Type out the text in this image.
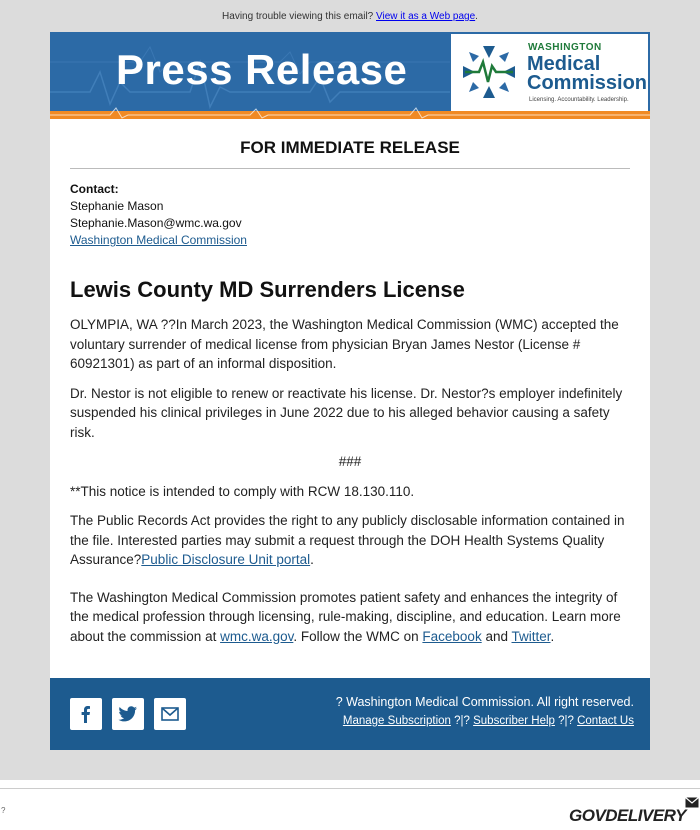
Having trouble viewing this email? View it as a Web page.
Press Release	WASHINGTON
Medical
Commission
Licensing. Accountability. Leadership.
FOR IMMEDIATE RELEASE
Contact:
Stephanie Mason
Stephanie.Mason@wmc.wa.gov
Washington Medical Commission
Lewis County MD Surrenders License

OLYMPIA, WA ??In March 2023, the Washington Medical Commission (WMC) accepted the voluntary surrender of medical license from physician Bryan James Nestor (License # 60921301) as part of an informal disposition.

Dr. Nestor is not eligible to renew or reactivate his license. Dr. Nestor?s employer indefinitely suspended his clinical privileges in June 2022 due to his alleged behavior causing a safety risk.

###

**This notice is intended to comply with RCW 18.130.110.

The Public Records Act provides the right to any publicly disclosable information contained in the file. Interested parties may submit a request through the DOH Health Systems Quality Assurance?Public Disclosure Unit portal.

The Washington Medical Commission promotes patient safety and enhances the integrity of the medical profession through licensing, rule-making, discipline, and education. Learn more about the commission at wmc.wa.gov. Follow the WMC on Facebook and Twitter.

? Washington Medical Commission. All right reserved.
Manage Subscription ?|? Subscriber Help ?|? Contact Us
?	GOVDELIVERY
